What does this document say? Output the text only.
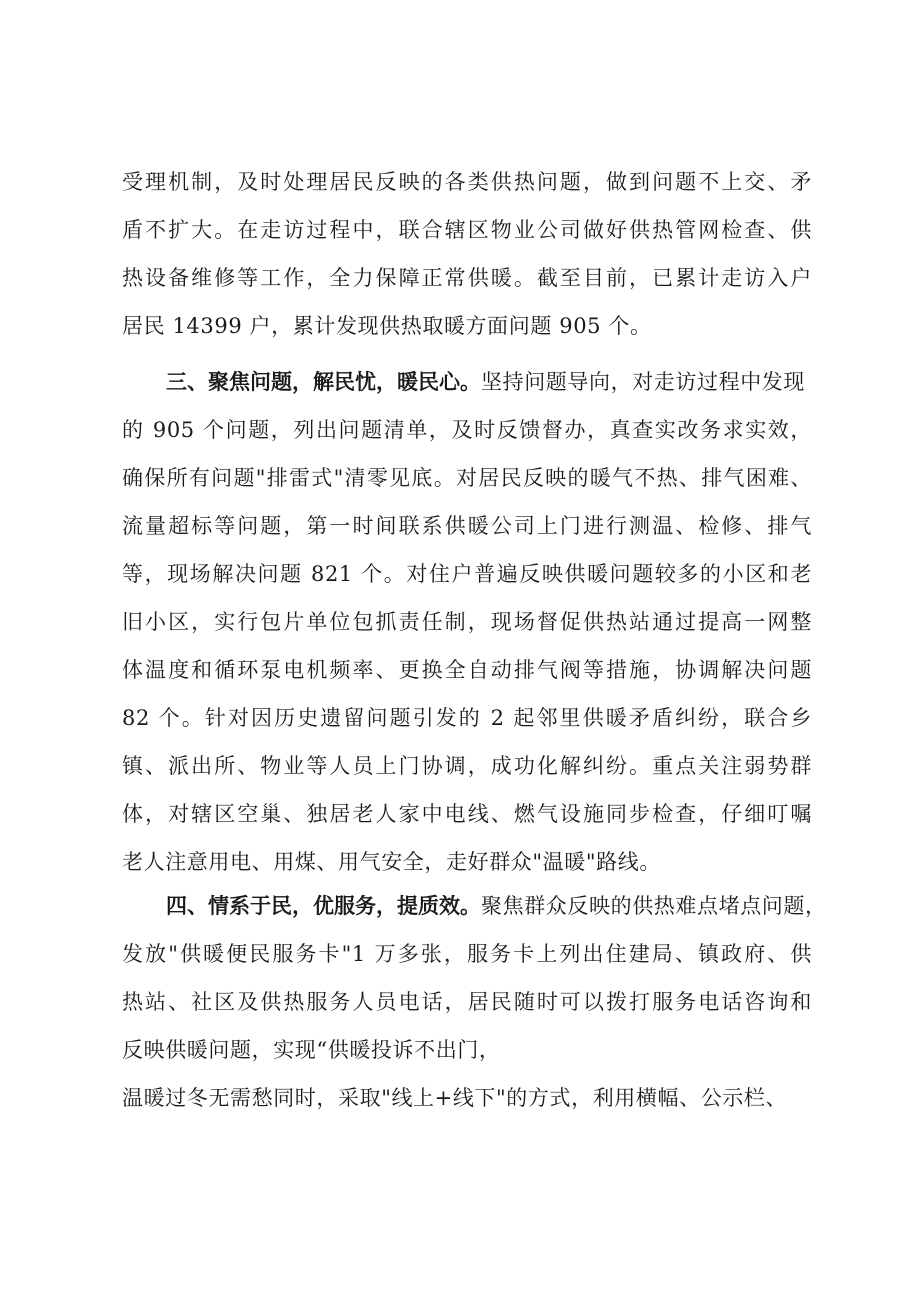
受理机制，及时处理居民反映的各类供热问题，做到问题不上交、矛
盾不扩大。在走访过程中，联合辖区物业公司做好供热管网检查、供
热设备维修等工作，全力保障正常供暖。截至目前，已累计走访入户
居民 14399 户，累计发现供热取暖方面问题 905 个。
三、聚焦问题，解民忧，暖民心。坚持问题导向，对走访过程中发现
的 905 个问题，列出问题清单，及时反馈督办，真查实改务求实效，
确保所有问题"排雷式"清零见底。对居民反映的暖气不热、排气困难、
流量超标等问题，第一时间联系供暖公司上门进行测温、检修、排气
等，现场解决问题 821 个。对住户普遍反映供暖问题较多的小区和老
旧小区，实行包片单位包抓责任制，现场督促供热站通过提高一网整
体温度和循环泵电机频率、更换全自动排气阀等措施，协调解决问题
82 个。针对因历史遗留问题引发的 2 起邻里供暖矛盾纠纷，联合乡
镇、派出所、物业等人员上门协调，成功化解纠纷。重点关注弱势群
体，对辖区空巢、独居老人家中电线、燃气设施同步检查，仔细叮嘱
老人注意用电、用煤、用气安全，走好群众"温暖"路线。
四、情系于民，优服务，提质效。聚焦群众反映的供热难点堵点问题，
发放"供暖便民服务卡"1 万多张，服务卡上列出住建局、镇政府、供
热站、社区及供热服务人员电话，居民随时可以拨打服务电话咨询和
反映供暖问题，实现“供暖投诉不出门，
温暖过冬无需愁同时，采取"线上+线下"的方式，利用横幅、公示栏、
